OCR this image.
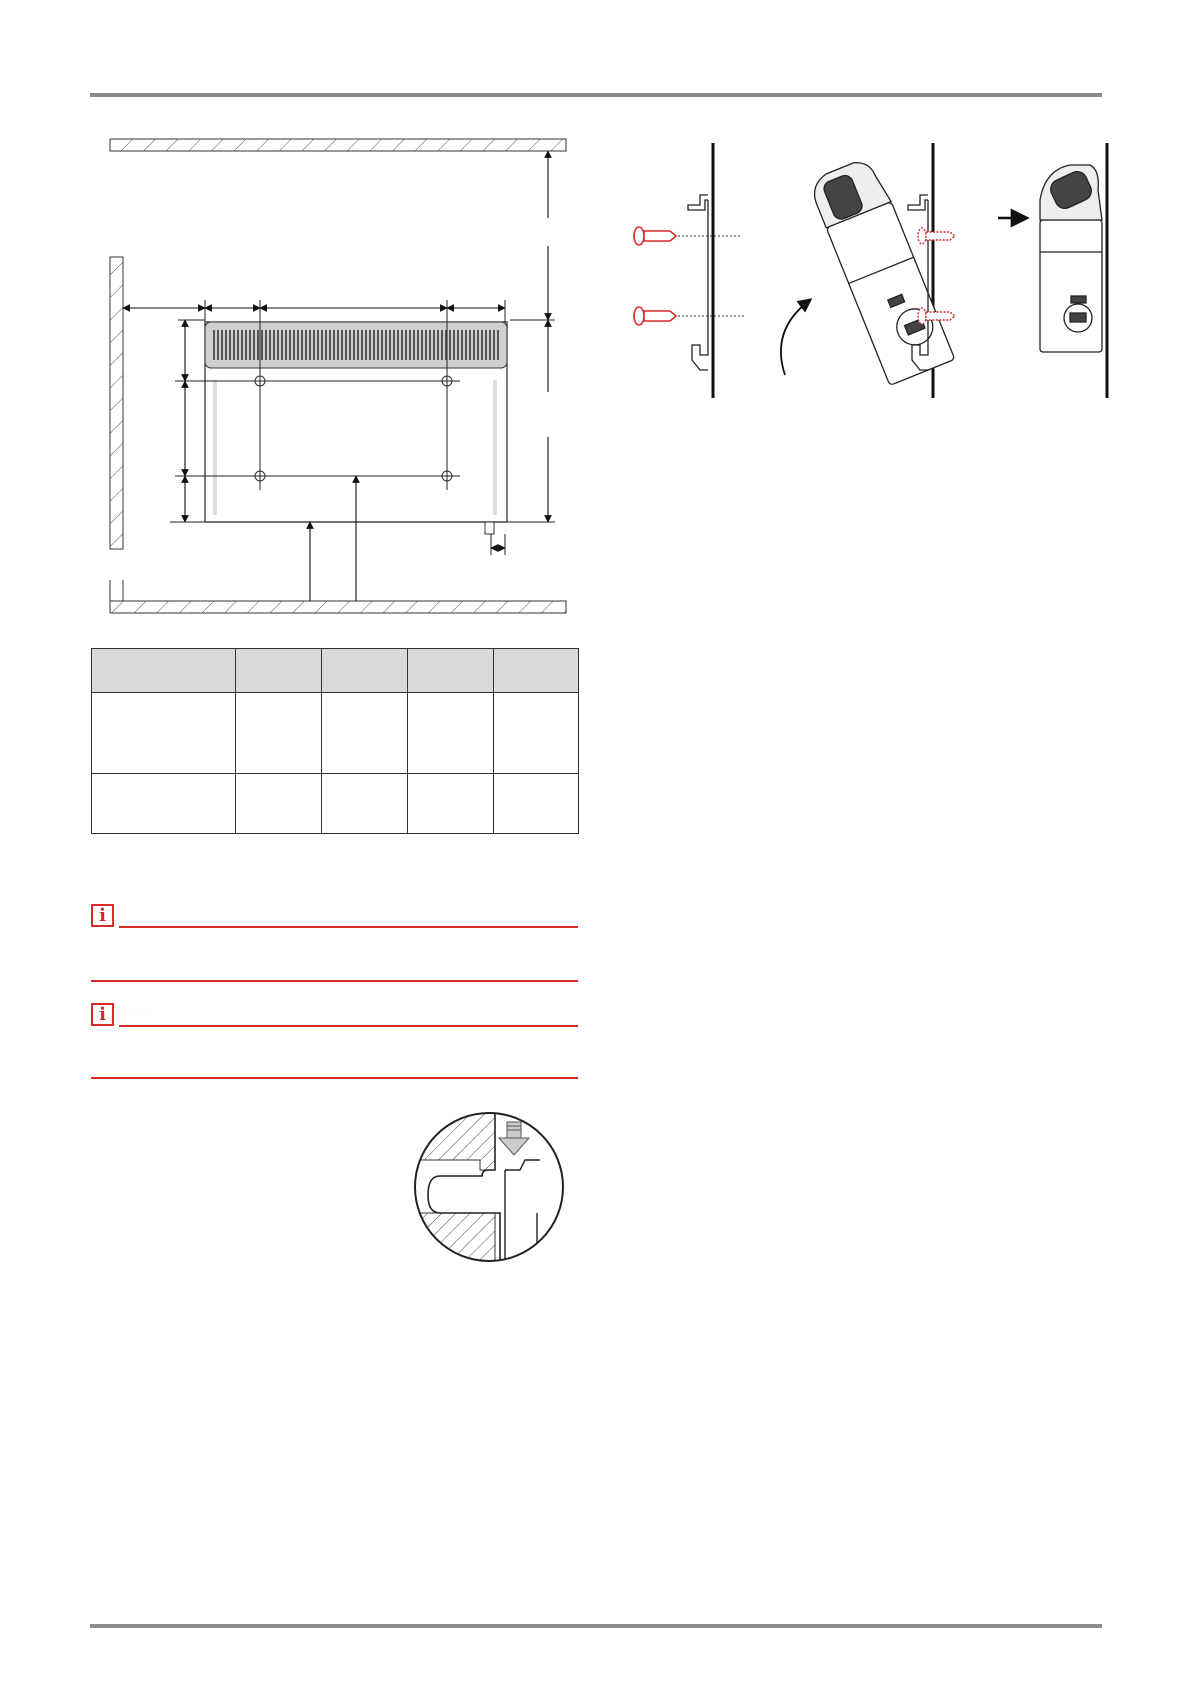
i
i	· ·· ···
